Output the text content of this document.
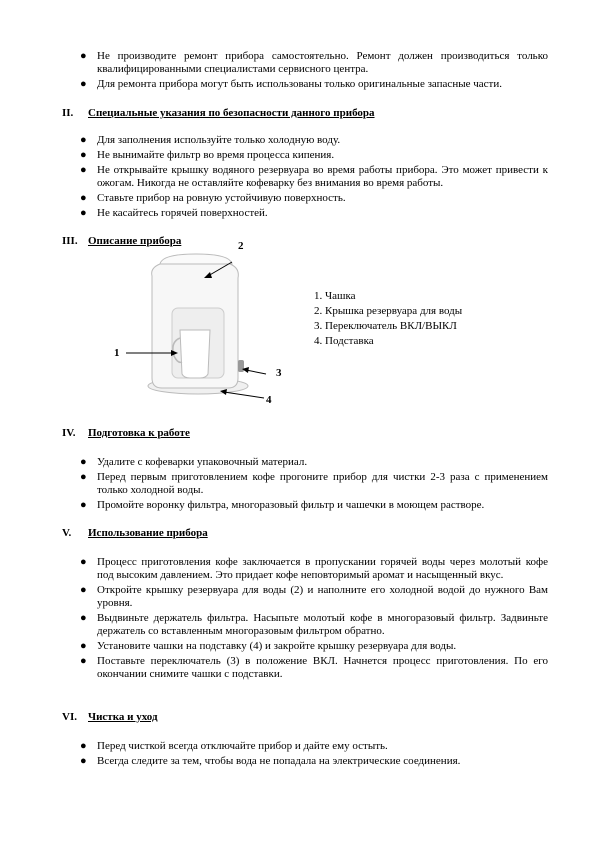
● Не производите ремонт прибора самостоятельно. Ремонт должен производиться только квалифицированными специалистами сервисного центра.
● Для ремонта прибора могут быть использованы только оригинальные запасные части.
II. Специальные указания по безопасности данного прибора
● Для заполнения используйте только холодную воду.
● Не вынимайте фильтр во время процесса кипения.
● Не открывайте крышку водяного резервуара во время работы прибора. Это может привести к ожогам. Никогда не оставляйте кофеварку без внимания во время работы.
● Ставьте прибор на ровную устойчивую поверхность.
● Не касайтесь горячей поверхностей.
III. Описание прибора	2
1
3
4
1. Чашка
2. Крышка резервуара для воды
3. Переключатель ВКЛ/ВЫКЛ
4. Подставка
IV. Подготовка к работе
● Удалите с кофеварки упаковочный материал.
● Перед первым приготовлением кофе прогоните прибор для чистки 2-3 раза с применением только холодной воды.
● Промойте воронку фильтра, многоразовый фильтр и чашечки в моющем растворе.
V. Использование прибора
● Процесс приготовления кофе заключается в пропускании горячей воды через молотый кофе под высоким давлением. Это придает кофе неповторимый аромат и насыщенный вкус.
● Откройте крышку резервуара для воды (2) и наполните его холодной водой до нужного Вам уровня.
● Выдвиньте держатель фильтра. Насыпьте молотый кофе в многоразовый фильтр. Задвиньте держатель со вставленным многоразовым фильтром обратно.
● Установите чашки на подставку (4) и закройте крышку резервуара для воды.
● Поставьте переключатель (3) в положение ВКЛ. Начнется процесс приготовления. По его окончании снимите чашки с подставки.
VI. Чистка и уход
● Перед чисткой всегда отключайте прибор и дайте ему остыть.
● Всегда следите за тем, чтобы вода не попадала на электрические соединения.
